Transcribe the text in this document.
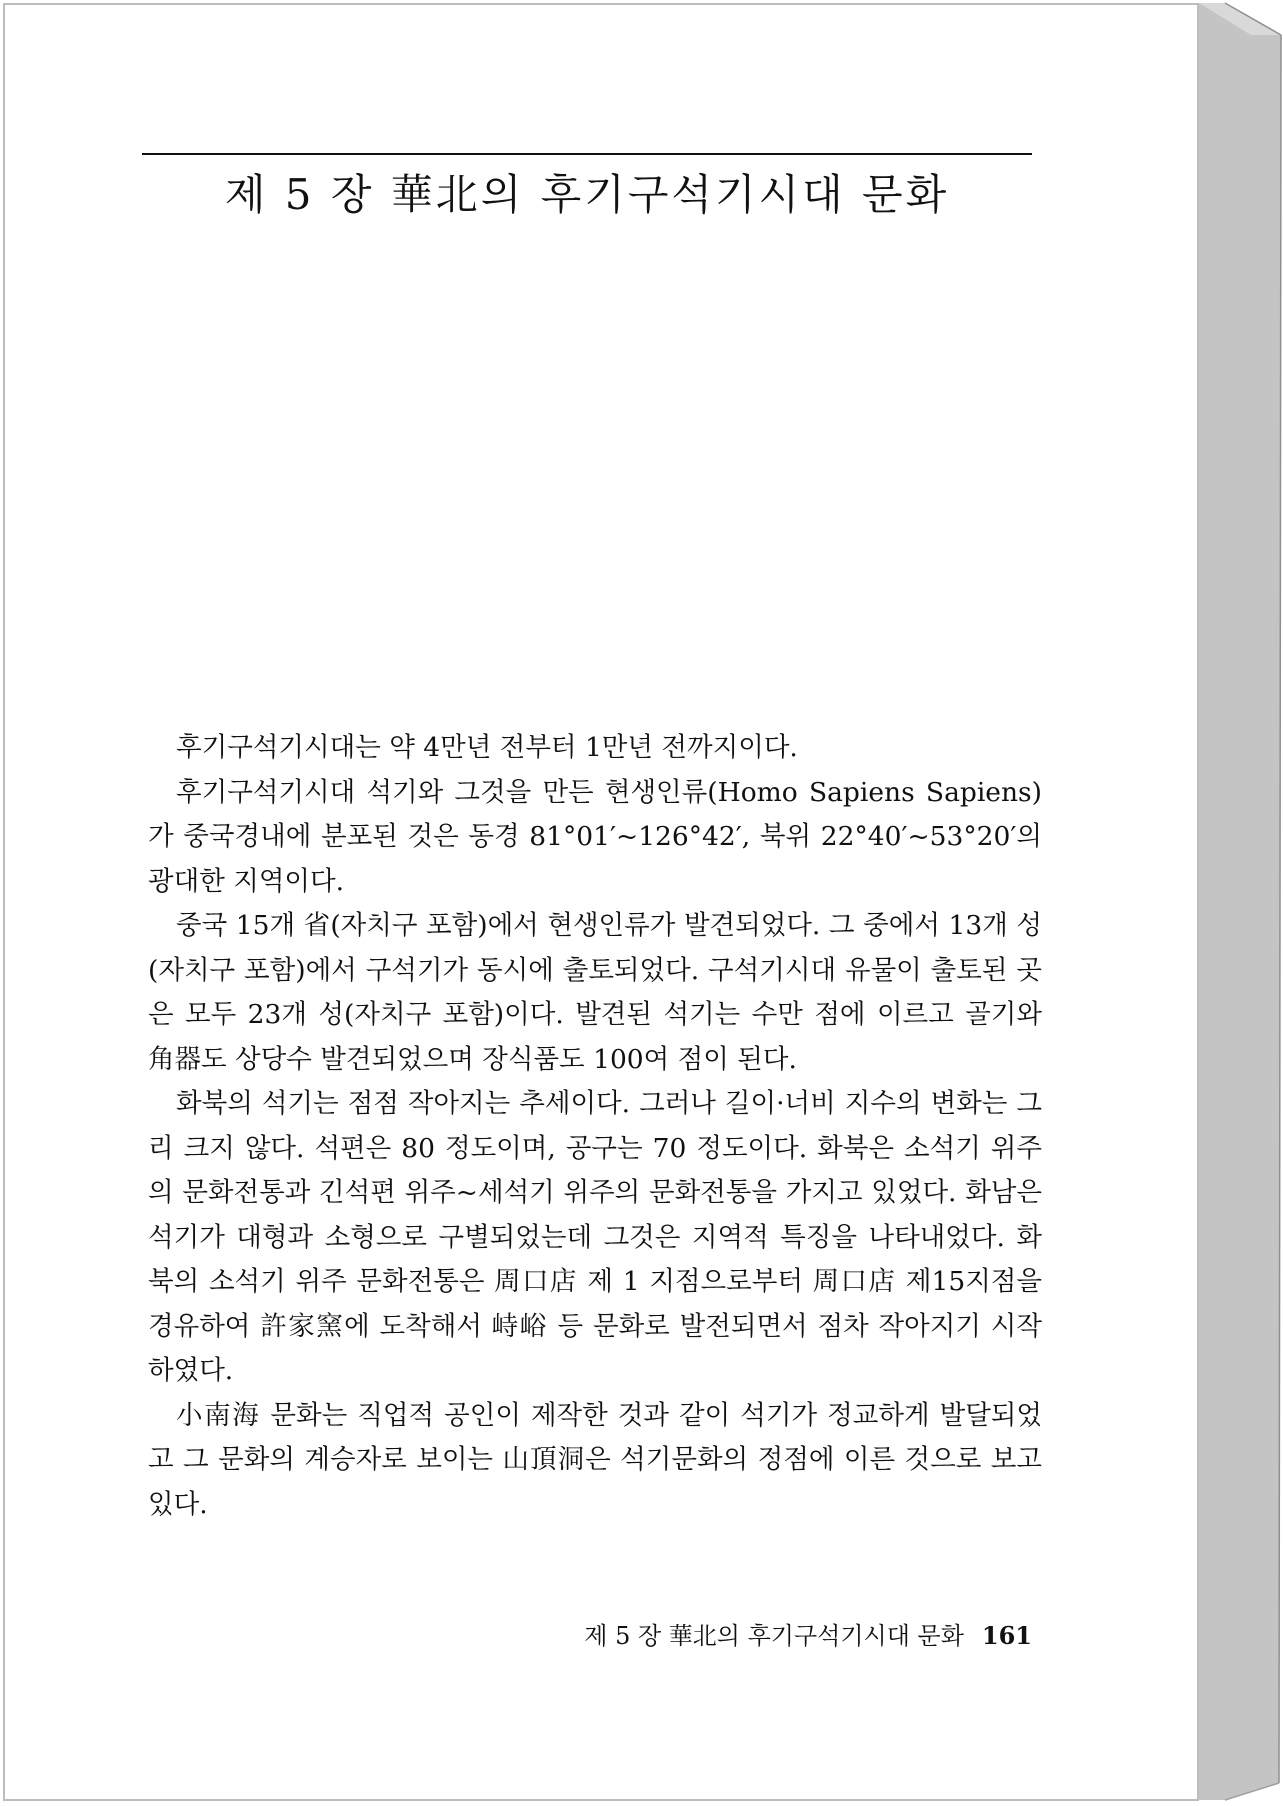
제 5 장 華北의 후기구석기시대 문화

후기구석기시대는 약 4만년 전부터 1만년 전까지이다.

후기구석기시대 석기와 그것을 만든 현생인류(Homo Sapiens Sapiens)가 중국경내에 분포된 것은 동경 81°01′~126°42′, 북위 22°40′~53°20′의 광대한 지역이다.

중국 15개 省(자치구 포함)에서 현생인류가 발견되었다. 그 중에서 13개 성(자치구 포함)에서 구석기가 동시에 출토되었다. 구석기시대 유물이 출토된 곳은 모두 23개 성(자치구 포함)이다. 발견된 석기는 수만 점에 이르고 골기와 角器도 상당수 발견되었으며 장식품도 100여 점이 된다.

화북의 석기는 점점 작아지는 추세이다. 그러나 길이·너비 지수의 변화는 그리 크지 않다. 석편은 80 정도이며, 공구는 70 정도이다. 화북은 소석기 위주의 문화전통과 긴석편 위주~세석기 위주의 문화전통을 가지고 있었다. 화남은 석기가 대형과 소형으로 구별되었는데 그것은 지역적 특징을 나타내었다. 화북의 소석기 위주 문화전통은 周口店 제 1 지점으로부터 周口店 제15지점을 경유하여 許家窯에 도착해서 峙峪 등 문화로 발전되면서 점차 작아지기 시작하였다.

小南海 문화는 직업적 공인이 제작한 것과 같이 석기가 정교하게 발달되었고 그 문화의 계승자로 보이는 山頂洞은 석기문화의 정점에 이른 것으로 보고 있다.

제 5 장 華北의 후기구석기시대 문화 161
